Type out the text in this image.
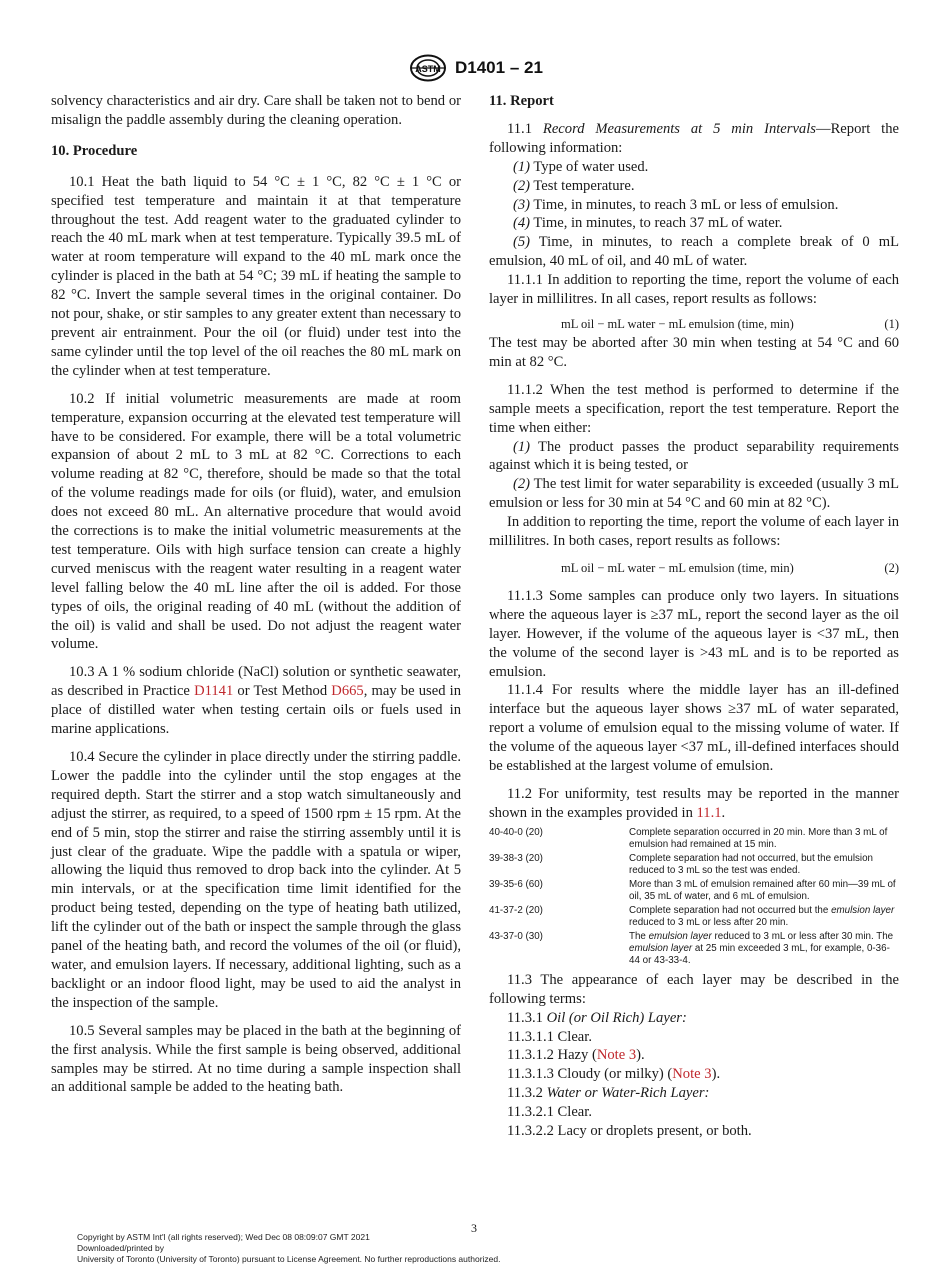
ASTM D1401 – 21

solvency characteristics and air dry. Care shall be taken not to bend or misalign the paddle assembly during the cleaning operation.

10. Procedure

10.1 Heat the bath liquid to 54 °C ± 1 °C, 82 °C ± 1 °C or specified test temperature and maintain it at that temperature throughout the test. Add reagent water to the graduated cylinder to reach the 40 mL mark when at test temperature. Typically 39.5 mL of water at room temperature will expand to the 40 mL mark once the cylinder is placed in the bath at 54 °C; 39 mL if heating the sample to 82 °C. Invert the sample several times in the original container. Do not pour, shake, or stir samples to any greater extent than necessary to prevent air entrainment. Pour the oil (or fluid) under test into the same cylinder until the top level of the oil reaches the 80 mL mark on the cylinder when at test temperature.

10.2 If initial volumetric measurements are made at room temperature, expansion occurring at the elevated test temperature will have to be considered. For example, there will be a total volumetric expansion of about 2 mL to 3 mL at 82 °C. Corrections to each volume reading at 82 °C, therefore, should be made so that the total of the volume readings made for oils (or fluid), water, and emulsion does not exceed 80 mL. An alternative procedure that would avoid the corrections is to make the initial volumetric measurements at the test temperature. Oils with high surface tension can create a highly curved meniscus with the reagent water resulting in a reagent water level falling below the 40 mL line after the oil is added. For those types of oils, the original reading of 40 mL (without the addition of the oil) is valid and shall be used. Do not adjust the reagent water volume.

10.3 A 1 % sodium chloride (NaCl) solution or synthetic seawater, as described in Practice D1141 or Test Method D665, may be used in place of distilled water when testing certain oils or fuels used in marine applications.

10.4 Secure the cylinder in place directly under the stirring paddle. Lower the paddle into the cylinder until the stop engages at the required depth. Start the stirrer and a stop watch simultaneously and adjust the stirrer, as required, to a speed of 1500 rpm ± 15 rpm. At the end of 5 min, stop the stirrer and raise the stirring assembly until it is just clear of the graduate. Wipe the paddle with a spatula or wiper, allowing the liquid thus removed to drop back into the cylinder. At 5 min intervals, or at the specification time limit identified for the product being tested, depending on the type of heating bath utilized, lift the cylinder out of the bath or inspect the sample through the glass panel of the heating bath, and record the volumes of the oil (or fluid), water, and emulsion layers. If necessary, additional lighting, such as a backlight or an indoor flood light, may be used to aid the analyst in the inspection of the sample.

10.5 Several samples may be placed in the bath at the beginning of the first analysis. While the first sample is being observed, additional samples may be stirred. At no time during a sample inspection shall an additional sample be added to the heating bath.

11. Report

11.1 Record Measurements at 5 min Intervals—Report the following information:

(1) Type of water used.

(2) Test temperature.

(3) Time, in minutes, to reach 3 mL or less of emulsion.

(4) Time, in minutes, to reach 37 mL of water.

(5) Time, in minutes, to reach a complete break of 0 mL emulsion, 40 mL of oil, and 40 mL of water.

11.1.1 In addition to reporting the time, report the volume of each layer in millilitres. In all cases, report results as follows:

mL oil − mL water − mL emulsion (time, min)	(1)

The test may be aborted after 30 min when testing at 54 °C and 60 min at 82 °C.

11.1.2 When the test method is performed to determine if the sample meets a specification, report the test temperature. Report the time when either:

(1) The product passes the product separability requirements against which it is being tested, or

(2) The test limit for water separability is exceeded (usually 3 mL emulsion or less for 30 min at 54 °C and 60 min at 82 °C).

In addition to reporting the time, report the volume of each layer in millilitres. In both cases, report results as follows:

mL oil − mL water − mL emulsion (time, min)	(2)

11.1.3 Some samples can produce only two layers. In situations where the aqueous layer is ≥37 mL, report the second layer as the oil layer. However, if the volume of the aqueous layer is <37 mL, then the volume of the second layer is >43 mL and is to be reported as emulsion.

11.1.4 For results where the middle layer has an ill-defined interface but the aqueous layer shows ≥37 mL of water separated, report a volume of emulsion equal to the missing volume of water. If the volume of the aqueous layer <37 mL, ill-defined interfaces should be established at the largest volume of emulsion.

11.2 For uniformity, test results may be reported in the manner shown in the examples provided in 11.1.

40-40-0 (20)	Complete separation occurred in 20 min. More than 3 mL of emulsion had remained at 15 min.
39-38-3 (20)	Complete separation had not occurred, but the emulsion reduced to 3 mL so the test was ended.
39-35-6 (60)	More than 3 mL of emulsion remained after 60 min—39 mL of oil, 35 mL of water, and 6 mL of emulsion.
41-37-2 (20)	Complete separation had not occurred but the emulsion layer reduced to 3 mL or less after 20 min.
43-37-0 (30)	The emulsion layer reduced to 3 mL or less after 30 min. The emulsion layer at 25 min exceeded 3 mL, for example, 0-36-44 or 43-33-4.

11.3 The appearance of each layer may be described in the following terms:

11.3.1 Oil (or Oil Rich) Layer:

11.3.1.1 Clear.

11.3.1.2 Hazy (Note 3).

11.3.1.3 Cloudy (or milky) (Note 3).

11.3.2 Water or Water-Rich Layer:

11.3.2.1 Clear.

11.3.2.2 Lacy or droplets present, or both.

3
Copyright by ASTM Int'l (all rights reserved); Wed Dec 08 08:09:07 GMT 2021
Downloaded/printed by
University of Toronto (University of Toronto) pursuant to License Agreement. No further reproductions authorized.
